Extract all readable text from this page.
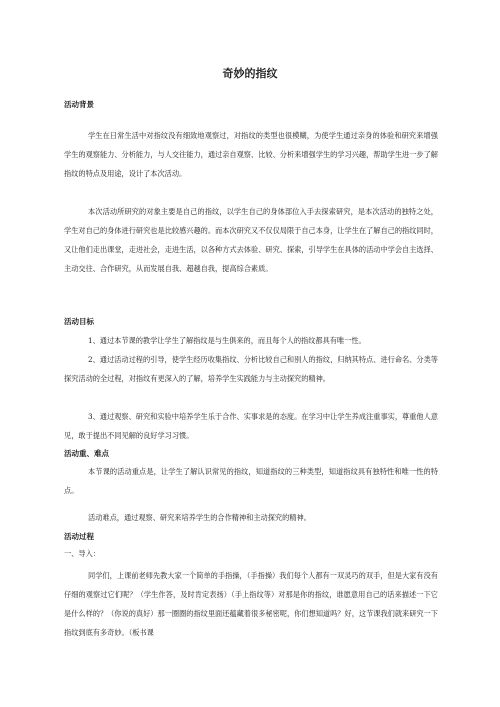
奇妙的指纹
活动背景
学生在日常生活中对指纹没有细致地观察过，对指纹的类型也很模糊，为使学生通过亲身的体验和研究来增强学生的观察能力、分析能力，与人交往能力，通过亲自观察、比较、分析来增强学生的学习兴趣，帮助学生进一步了解指纹的特点及用途，设计了本次活动。
本次活动所研究的对象主要是自己的指纹，以学生自己的身体部位入手去探索研究，是本次活动的独特之处，学生对自己的身体进行研究也是比较感兴趣的。而本次研究又不仅仅局限于自己本身，让学生在了解自己的指纹同时，又让他们走出课堂，走进社会，走进生活，以各种方式去体验、研究、探索，引导学生在具体的活动中学会自主选择、主动交往、合作研究，从而发展自我、超越自我，提高综合素质。
活动目标
1、通过本节课的教学让学生了解指纹是与生俱来的，而且每个人的指纹都具有唯一性。
2、通过活动过程的引导，使学生经历收集指纹、分析比较自己和别人的指纹，归纳其特点、进行命名、分类等探究活动的全过程，对指纹有更深入的了解，培养学生实践能力与主动探究的精神。
3、通过观察、研究和实验中培养学生乐于合作、实事求是的态度。在学习中让学生养成注重事实，尊重他人意见，敢于提出不同见解的良好学习习惯。
活动重、难点
本节课的活动重点是，让学生了解认识常见的指纹，知道指纹的三种类型，知道指纹具有独特性和唯一性的特点。
活动难点，通过观察、研究来培养学生的合作精神和主动探究的精神。
活动过程
一、导入：
同学们，上课前老师先教大家一个简单的手指操，（手指操）我们每个人都有一双灵巧的双手，但是大家有没有仔细的观察过它们呢？（学生作答，及时肯定表扬）（手上指纹等）对那是你的指纹，谁愿意用自己的话来描述一下它是什么样的？（你说的真好）那一圈圈的指纹里面还蕴藏着很多秘密呢，你们想知道吗？好，这节课我们就来研究一下指纹到底有多奇妙。（板书课
